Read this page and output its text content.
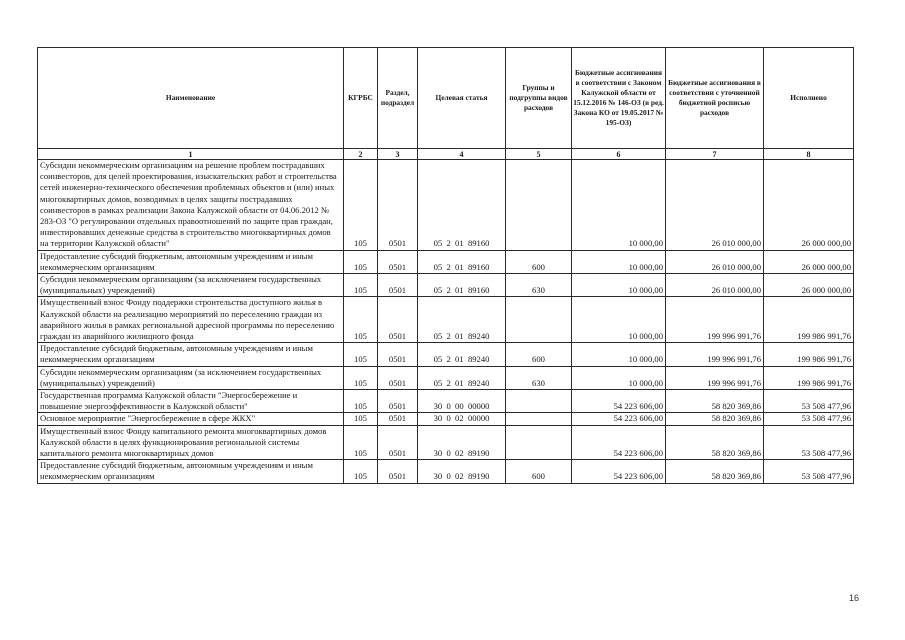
Наименование	КГРБС	Раздел, подраздел	Целевая статья	Группы и подгруппы видов расходов	Бюджетные ассигнования в соответствии с Законом Калужской области от 15.12.2016 № 146-ОЗ (в ред. Закона КО от 19.05.2017 № 195-ОЗ)	Бюджетные ассигнования в соответствии с уточненной бюджетной росписью расходов	Исполнено
1	2	3	4	5	6	7	8
Субсидии некоммерческим организациям на решение проблем пострадавших соинвесторов, для целей проектирования, изыскательских работ и строительства сетей инженерно-технического обеспечения проблемных объектов и (или) иных многоквартирных домов, возводимых в целях защиты пострадавших соинвесторов в рамках реализации Закона Калужской области от 04.06.2012 № 283-ОЗ "О регулировании отдельных правоотношений по защите прав граждан, инвестировавших денежные средства в строительство многоквартирных домов на территории Калужской области"	105	0501	05  2  01  89160		10 000,00	26 010 000,00	26 000 000,00
Предоставление субсидий бюджетным, автономным учреждениям и иным некоммерческим организациям	105	0501	05  2  01  89160	600	10 000,00	26 010 000,00	26 000 000,00
Субсидии некоммерческим организациям (за исключением государственных (муниципальных) учреждений)	105	0501	05  2  01  89160	630	10 000,00	26 010 000,00	26 000 000,00
Имущественный взнос Фонду поддержки строительства доступного жилья в Калужской области на реализацию мероприятий по переселению граждан из аварийного жилья в рамках региональной адресной программы по переселению граждан из аварийного жилищного фонда	105	0501	05  2  01  89240		10 000,00	199 996 991,76	199 986 991,76
Предоставление субсидий бюджетным, автономным учреждениям и иным некоммерческим организациям	105	0501	05  2  01  89240	600	10 000,00	199 996 991,76	199 986 991,76
Субсидии некоммерческим организациям (за исключением государственных (муниципальных) учреждений)	105	0501	05  2  01  89240	630	10 000,00	199 996 991,76	199 986 991,76
Государственная программа Калужской области "Энергосбережение и повышение энергоэффективности в Калужской области"	105	0501	30  0  00  00000		54 223 606,00	58 820 369,86	53 508 477,96
Основное мероприятие "Энергосбережение в сфере ЖКХ"	105	0501	30  0  02  00000		54 223 606,00	58 820 369,86	53 508 477,96
Имущественный взнос Фонду капитального ремонта многоквартирных домов Калужской области в целях функционирования региональной системы капитального ремонта многоквартирных домов	105	0501	30  0  02  89190		54 223 606,00	58 820 369,86	53 508 477,96
Предоставление субсидий бюджетным, автономным учреждениям и иным некоммерческим организациям	105	0501	30  0  02  89190	600	54 223 606,00	58 820 369,86	53 508 477,96
16
